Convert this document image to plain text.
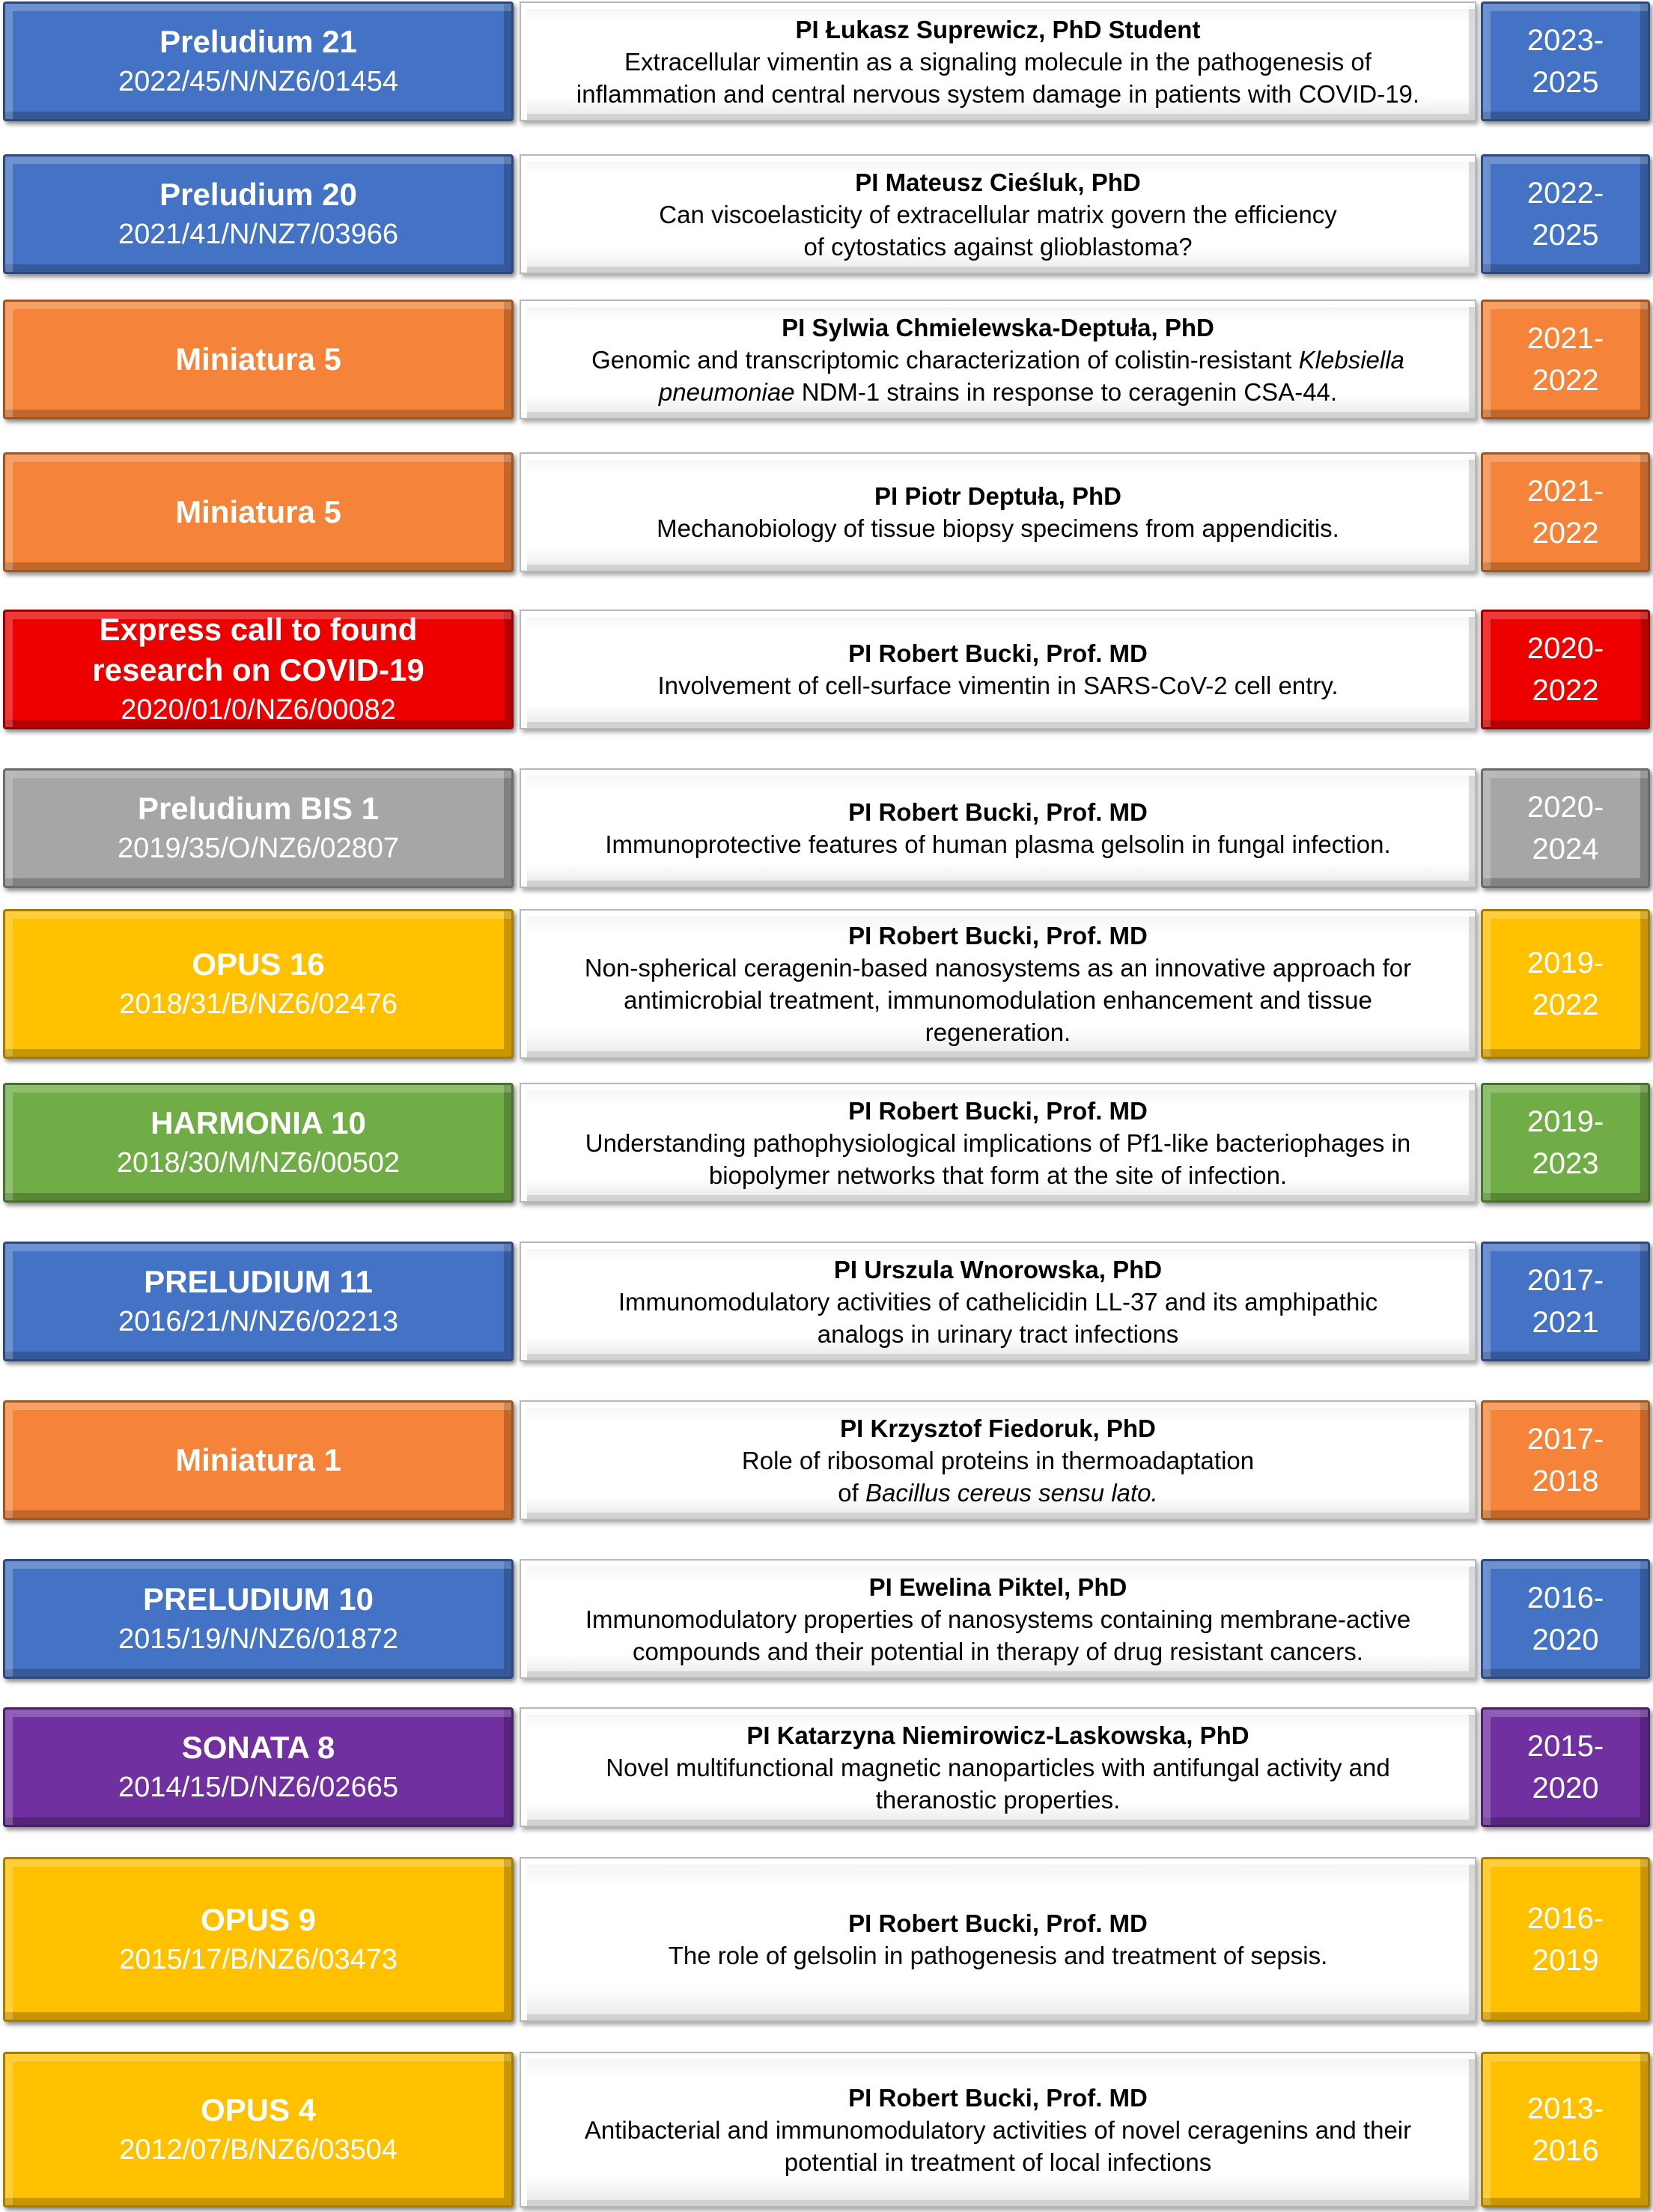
Preludium 21
2022/45/N/NZ6/01454
PI Łukasz Suprewicz, PhD Student
Extracellular vimentin as a signaling molecule in the pathogenesis of
inflammation and central nervous system damage in patients with COVID-19.
2023-
2025
Preludium 20
2021/41/N/NZ7/03966
PI Mateusz Cieśluk, PhD
Can viscoelasticity of extracellular matrix govern the efficiency
of cytostatics against glioblastoma?
2022-
2025
Miniatura 5
PI Sylwia Chmielewska-Deptuła, PhD
Genomic and transcriptomic characterization of colistin-resistant Klebsiella
pneumoniae NDM-1 strains in response to ceragenin CSA-44.
2021-
2022
Miniatura 5	PI Piotr Deptuła, PhD
Mechanobiology of tissue biopsy specimens from appendicitis.
2021-
2022
Express call to found
research on COVID-19
2020/01/0/NZ6/00082
PI Robert Bucki, Prof. MD
Involvement of cell-surface vimentin in SARS-CoV-2 cell entry.
2020-
2022
Preludium BIS 1
2019/35/O/NZ6/02807
PI Robert Bucki, Prof. MD
Immunoprotective features of human plasma gelsolin in fungal infection.
2020-
2024
OPUS 16
2018/31/B/NZ6/02476
PI Robert Bucki, Prof. MD
Non-spherical ceragenin-based nanosystems as an innovative approach for
antimicrobial treatment, immunomodulation enhancement and tissue
regeneration.
2019-
2022
HARMONIA 10
2018/30/M/NZ6/00502
PI Robert Bucki, Prof. MD
Understanding pathophysiological implications of Pf1-like bacteriophages in
biopolymer networks that form at the site of infection.
2019-
2023
PRELUDIUM 11
2016/21/N/NZ6/02213
PI Urszula Wnorowska, PhD
Immunomodulatory activities of cathelicidin LL-37 and its amphipathic
analogs in urinary tract infections
2017-
2021
Miniatura 1
PI Krzysztof Fiedoruk, PhD
Role of ribosomal proteins in thermoadaptation
of Bacillus cereus sensu lato.
2017-
2018
PRELUDIUM 10
2015/19/N/NZ6/01872
PI Ewelina Piktel, PhD
Immunomodulatory properties of nanosystems containing membrane-active
compounds and their potential in therapy of drug resistant cancers.
2016-
2020
SONATA 8
2014/15/D/NZ6/02665
PI Katarzyna Niemirowicz-Laskowska, PhD
Novel multifunctional magnetic nanoparticles with antifungal activity and
theranostic properties.
2015-
2020
OPUS 9
2015/17/B/NZ6/03473
PI Robert Bucki, Prof. MD
The role of gelsolin in pathogenesis and treatment of sepsis.
2016-
2019
OPUS 4
2012/07/B/NZ6/03504
PI Robert Bucki, Prof. MD
Antibacterial and immunomodulatory activities of novel ceragenins and their
potential in treatment of local infections
2013-
2016
